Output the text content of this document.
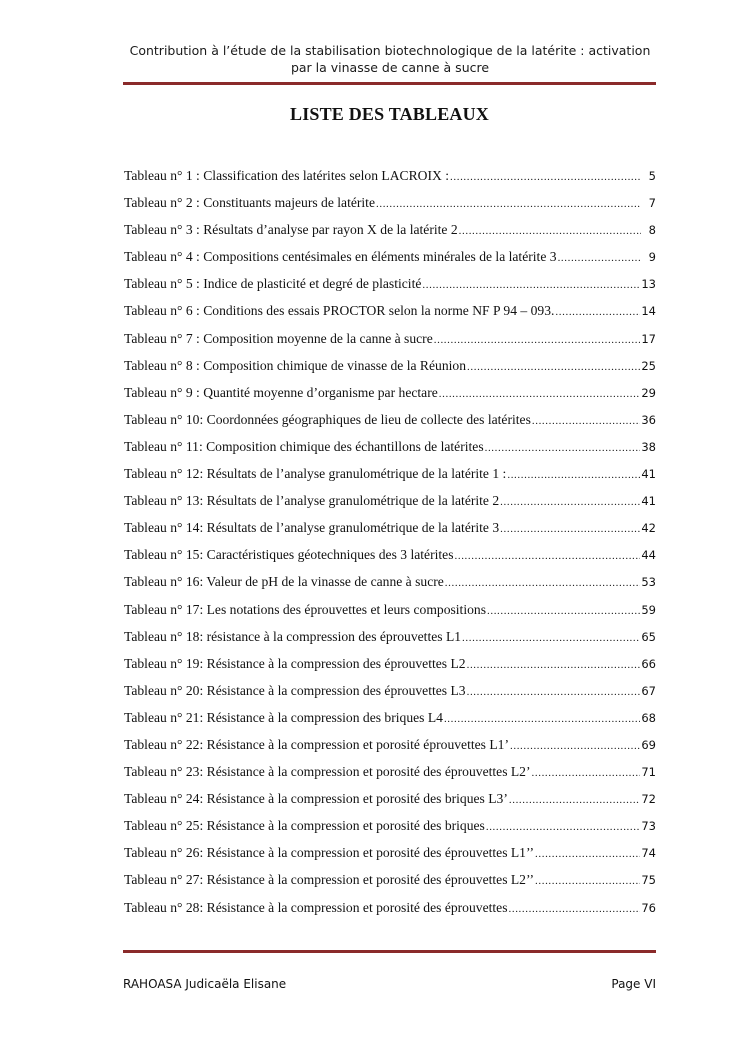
Contribution à l’étude de la stabilisation biotechnologique de la latérite : activation
par la vinasse de canne à sucre
LISTE DES TABLEAUX
Tableau n° 1 : Classification des latérites selon LACROIX : .....	5
Tableau n° 2 : Constituants majeurs de latérite .....	7
Tableau n° 3 : Résultats d’analyse par rayon X de la latérite 2 .....	8
Tableau n° 4 : Compositions centésimales en éléments minérales de la latérite 3 .....	9
Tableau n° 5 : Indice de plasticité et degré de plasticité .....	13
Tableau n° 6 : Conditions des essais PROCTOR selon la norme NF P 94 – 093. .....	14
Tableau n° 7 : Composition moyenne de la canne à sucre .....	17
Tableau n° 8 : Composition chimique de vinasse de la Réunion .....	25
Tableau n° 9 : Quantité moyenne d’organisme par hectare .....	29
Tableau n° 10: Coordonnées géographiques de lieu de collecte des latérites .....	36
Tableau n° 11: Composition chimique des échantillons de latérites .....	38
Tableau n° 12: Résultats de l’analyse granulométrique de la latérite 1 : .....	41
Tableau n° 13: Résultats de l’analyse granulométrique de la latérite 2 .....	41
Tableau n° 14: Résultats de l’analyse granulométrique de la latérite 3 .....	42
Tableau n° 15: Caractéristiques géotechniques des 3 latérites .....	44
Tableau n° 16: Valeur de pH de la vinasse de canne à sucre .....	53
Tableau n° 17: Les notations des éprouvettes et leurs compositions .....	59
Tableau n° 18: résistance à la compression des éprouvettes L1 .....	65
Tableau n° 19: Résistance à la compression des éprouvettes L2 .....	66
Tableau n° 20: Résistance à la compression des éprouvettes L3 .....	67
Tableau n° 21: Résistance à la compression des briques L4 .....	68
Tableau n° 22: Résistance à la compression et porosité éprouvettes L1’ .....	69
Tableau n° 23: Résistance à la compression et porosité des éprouvettes L2’ .....	71
Tableau n° 24: Résistance à la compression et porosité des briques L3’ .....	72
Tableau n° 25: Résistance à la compression et porosité des briques .....	73
Tableau n° 26: Résistance à la compression et porosité des éprouvettes L1’’ .....	74
Tableau n° 27: Résistance à la compression et porosité des éprouvettes L2’’ .....	75
Tableau n° 28: Résistance à la compression et porosité des éprouvettes .....	76
RAHOASA Judicaëla Elisane	Page VI
